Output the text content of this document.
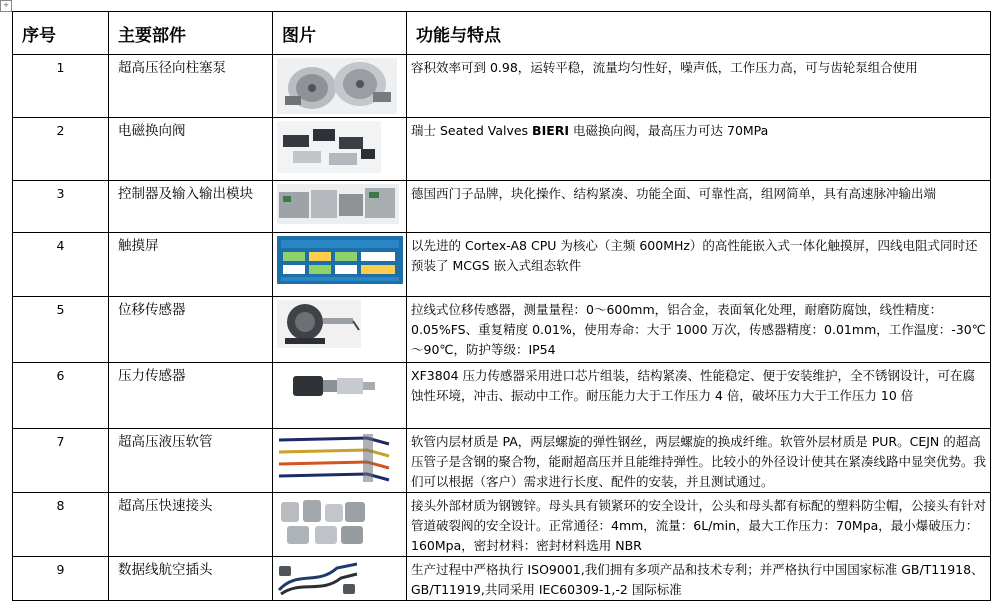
+
序号	主要部件	图片	功能与特点
1	超高压径向柱塞泵		容积效率可到 0.98，运转平稳，流量均匀性好，噪声低，工作压力高，可与齿轮泵组合使用
2	电磁换向阀		瑞士 Seated Valves BIERI 电磁换向阀，最高压力可达 70MPa
3	控制器及输入输出模块		德国西门子品牌，块化操作、结构紧凑、功能全面、可靠性高，组网简单，具有高速脉冲输出端
4	触摸屏		以先进的 Cortex-A8 CPU 为核心（主频 600MHz）的高性能嵌入式一体化触摸屏，四线电阻式同时还预装了 MCGS 嵌入式组态软件
5	位移传感器		拉线式位移传感器，测量量程：0～600mm，铝合金，表面氧化处理，耐磨防腐蚀，线性精度：0.05%FS、重复精度 0.01%，使用寿命：大于 1000 万次，传感器精度：0.01mm，工作温度：-30℃～90℃，防护等级：IP54
6	压力传感器		XF3804 压力传感器采用进口芯片组装，结构紧凑、性能稳定、便于安装维护，全不锈钢设计，可在腐蚀性环境，冲击、振动中工作。耐压能力大于工作压力 4 倍，破坏压力大于工作压力 10 倍
7	超高压液压软管		软管内层材质是 PA，两层螺旋的弹性钢丝，两层螺旋的换成纤维。软管外层材质是 PUR。CEJN 的超高压管子是含钢的聚合物，能耐超高压并且能维持弹性。比较小的外径设计使其在紧凑线路中显突优势。我们可以根据（客户）需求进行长度、配件的安装，并且测试通过。
8	超高压快速接头		接头外部材质为钢镀锌。母头具有锁紧环的安全设计，公头和母头都有标配的塑料防尘帽，公接头有针对管道破裂阀的安全设计。正常通径：4mm，流量：6L/min，最大工作压力：70Mpa，最小爆破压力：160Mpa，密封材料：密封材料选用 NBR
9	数据线航空插头		生产过程中严格执行 ISO9001,我们拥有多项产品和技术专利；并严格执行中国国家标准 GB/T11918、GB/T11919,共同采用 IEC60309-1,-2 国际标准
